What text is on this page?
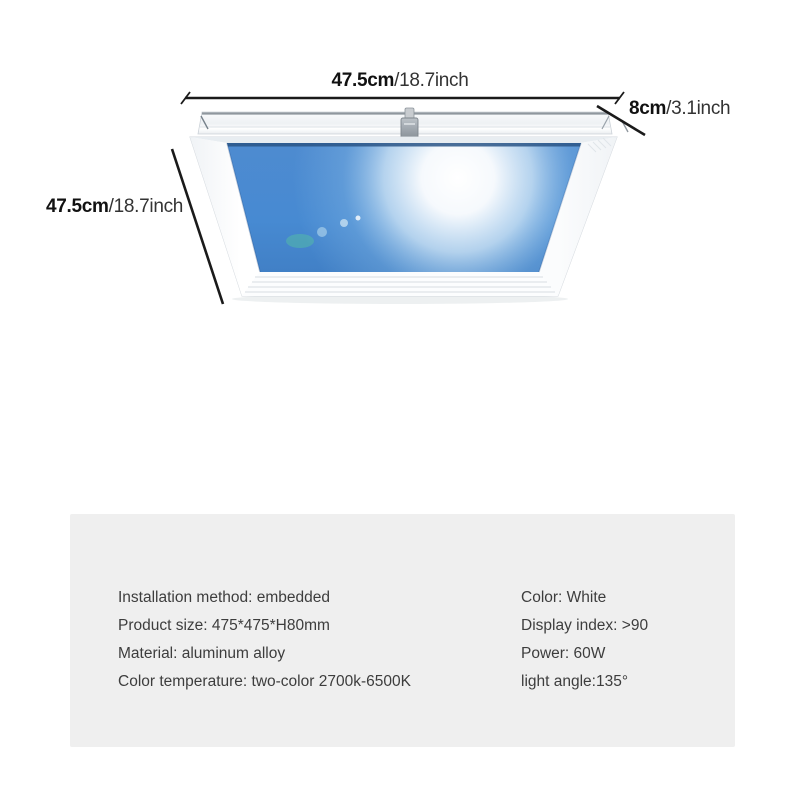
47.5cm/18.7inch
8cm/3.1inch
47.5cm/18.7inch
Installation method: embedded
Product size: 475*475*H80mm
Material: aluminum alloy
Color temperature: two-color 2700k-6500K
Color: White
Display index: >90
Power: 60W
light angle:135°
